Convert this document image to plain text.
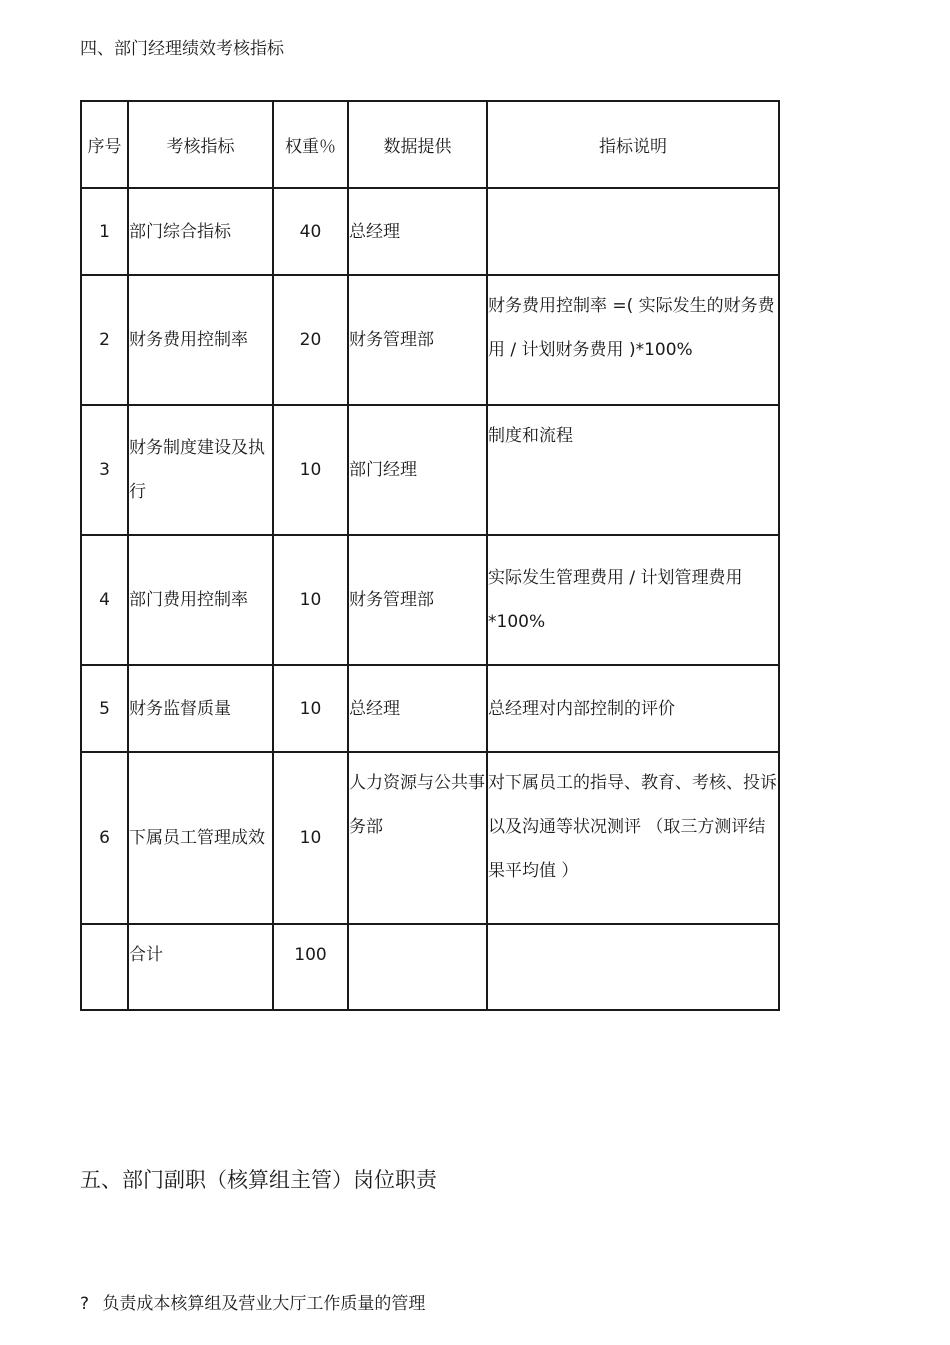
四、部门经理绩效考核指标
序号	考核指标	权重％	数据提供	指标说明
1	部门综合指标	40	总经理	
2	财务费用控制率	20	财务管理部	财务费用控制率 =( 实际发生的财务费用 / 计划财务费用 )*100%
3	财务制度建设及执行	10	部门经理	制度和流程
4	部门费用控制率	10	财务管理部	实际发生管理费用 / 计划管理费用*100%
5	财务监督质量	10	总经理	总经理对内部控制的评价
6	下属员工管理成效	10	人力资源与公共事务部	对下属员工的指导、教育、考核、投诉以及沟通等状况测评 （取三方测评结果平均值 ）
	合计	100		
五、部门副职（核算组主管）岗位职责
? 负责成本核算组及营业大厅工作质量的管理
